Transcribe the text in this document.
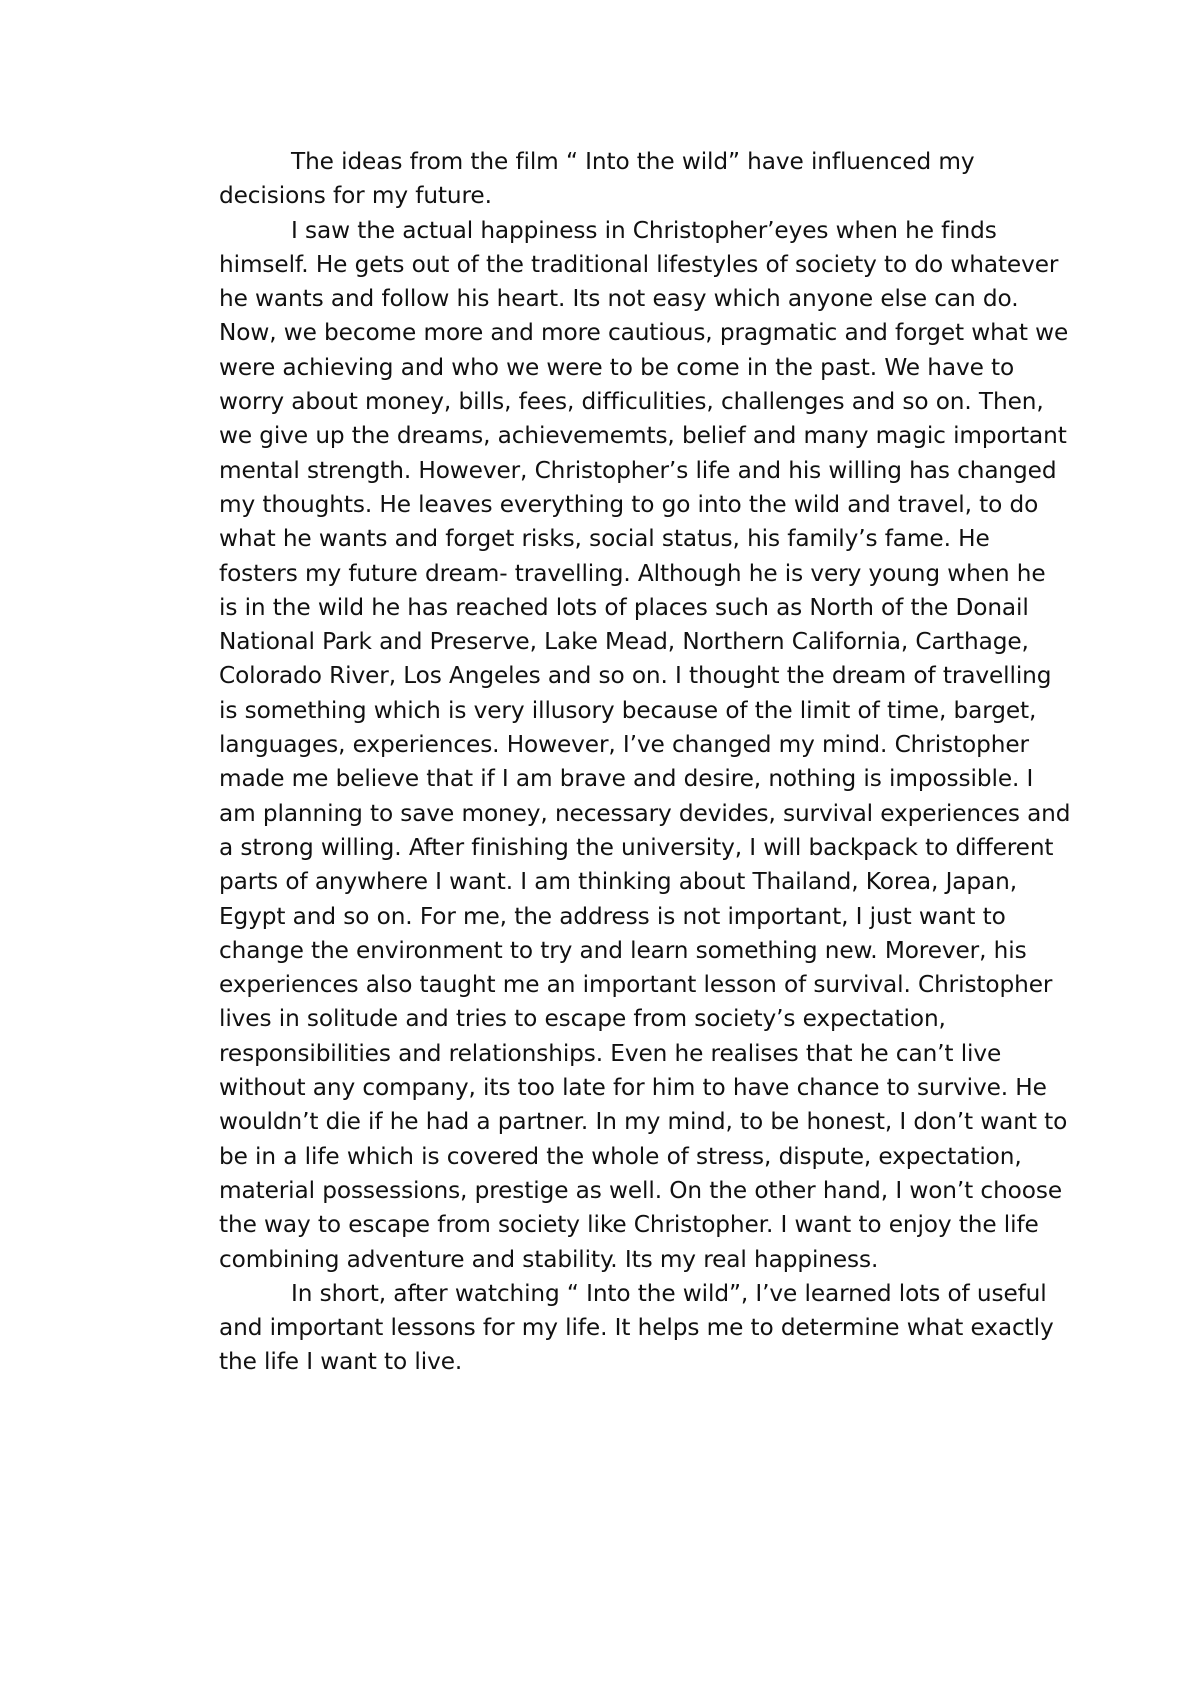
The ideas from the film “ Into the wild” have influenced my decisions for my future.

I saw the actual happiness in Christopher’eyes when he finds himself. He gets out of the traditional lifestyles of society to do whatever he wants and follow his heart. Its not easy which anyone else can do. Now, we become more and more cautious, pragmatic and forget what we were achieving and who we were to be come in the past. We have to worry about money, bills, fees, difficulities, challenges and so on. Then, we give up the dreams, achievememts, belief and many magic important mental strength. However, Christopher’s life and his willing has changed my thoughts. He leaves everything to go into the wild and travel, to do what he wants and forget risks, social status, his family’s fame. He fosters my future dream- travelling. Although he is very young when he is in the wild he has reached lots of places such as North of the Donail National Park and Preserve, Lake Mead, Northern California, Carthage, Colorado River, Los Angeles and so on. I thought the dream of travelling is something which is very illusory because of the limit of time, barget, languages, experiences. However, I’ve changed my mind. Christopher made me believe that if I am brave and desire, nothing is impossible. I am planning to save money, necessary devides, survival experiences and a strong willing. After finishing the university, I will backpack to different parts of anywhere I want. I am thinking about Thailand, Korea, Japan, Egypt and so on. For me, the address is not important, I just want to change the environment to try and learn something new. Morever, his experiences also taught me an important lesson of survival. Christopher lives in solitude and tries to escape from society’s expectation, responsibilities and relationships. Even he realises that he can’t live without any company, its too late for him to have chance to survive. He wouldn’t die if he had a partner. In my mind, to be honest, I don’t want to be in a life which is covered the whole of stress, dispute, expectation, material possessions, prestige as well. On the other hand, I won’t choose the way to escape from society like Christopher. I want to enjoy the life combining adventure and stability. Its my real happiness.

In short, after watching “ Into the wild”, I’ve learned lots of useful and important lessons for my life. It helps me to determine what exactly the life I want to live.
